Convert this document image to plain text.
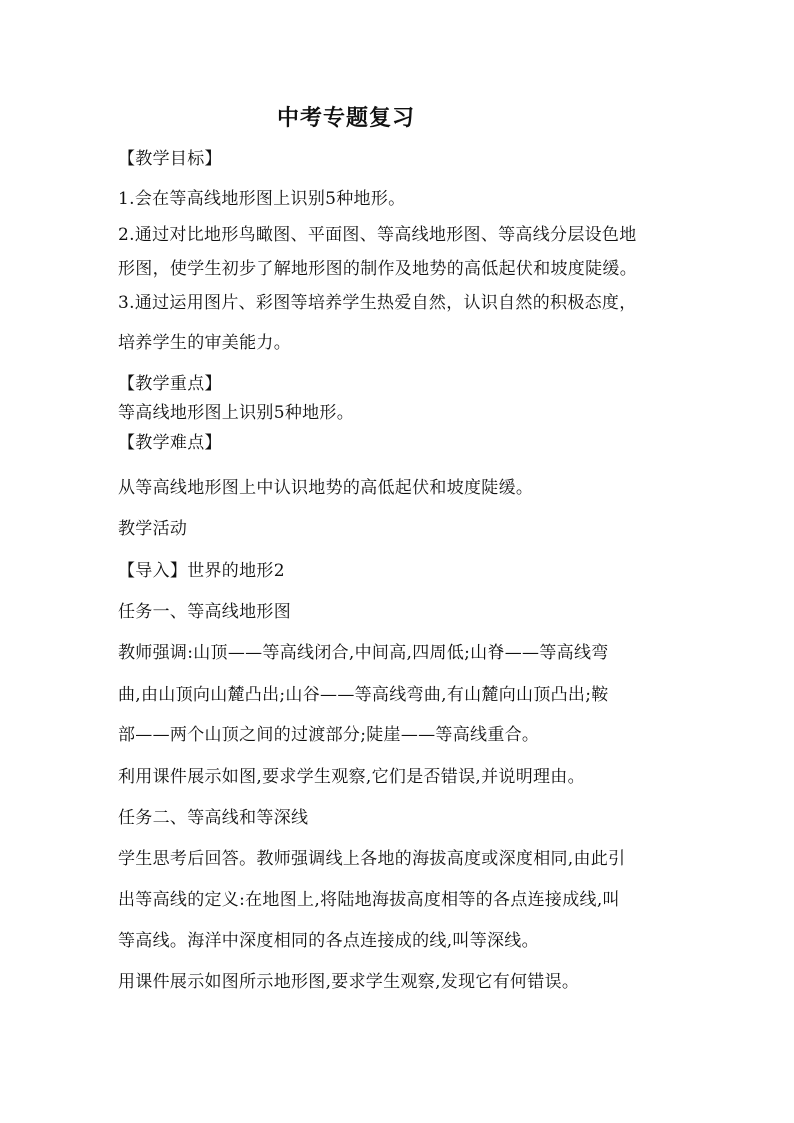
中考专题复习
【教学目标】
1.会在等高线地形图上识别5种地形。
2.通过对比地形鸟瞰图、平面图、等高线地形图、等高线分层设色地
形图，使学生初步了解地形图的制作及地势的高低起伏和坡度陡缓。
3.通过运用图片、彩图等培养学生热爱自然，认识自然的积极态度，
培养学生的审美能力。
【教学重点】
等高线地形图上识别5种地形。
【教学难点】
从等高线地形图上中认识地势的高低起伏和坡度陡缓。
教学活动
【导入】世界的地形2
任务一、等高线地形图
教师强调:山顶——等高线闭合,中间高,四周低;山脊——等高线弯
曲,由山顶向山麓凸出;山谷——等高线弯曲,有山麓向山顶凸出;鞍
部——两个山顶之间的过渡部分;陡崖——等高线重合。
利用课件展示如图,要求学生观察,它们是否错误,并说明理由。
任务二、等高线和等深线
学生思考后回答。教师强调线上各地的海拔高度或深度相同,由此引
出等高线的定义:在地图上,将陆地海拔高度相等的各点连接成线,叫
等高线。海洋中深度相同的各点连接成的线,叫等深线。
用课件展示如图所示地形图,要求学生观察,发现它有何错误。
